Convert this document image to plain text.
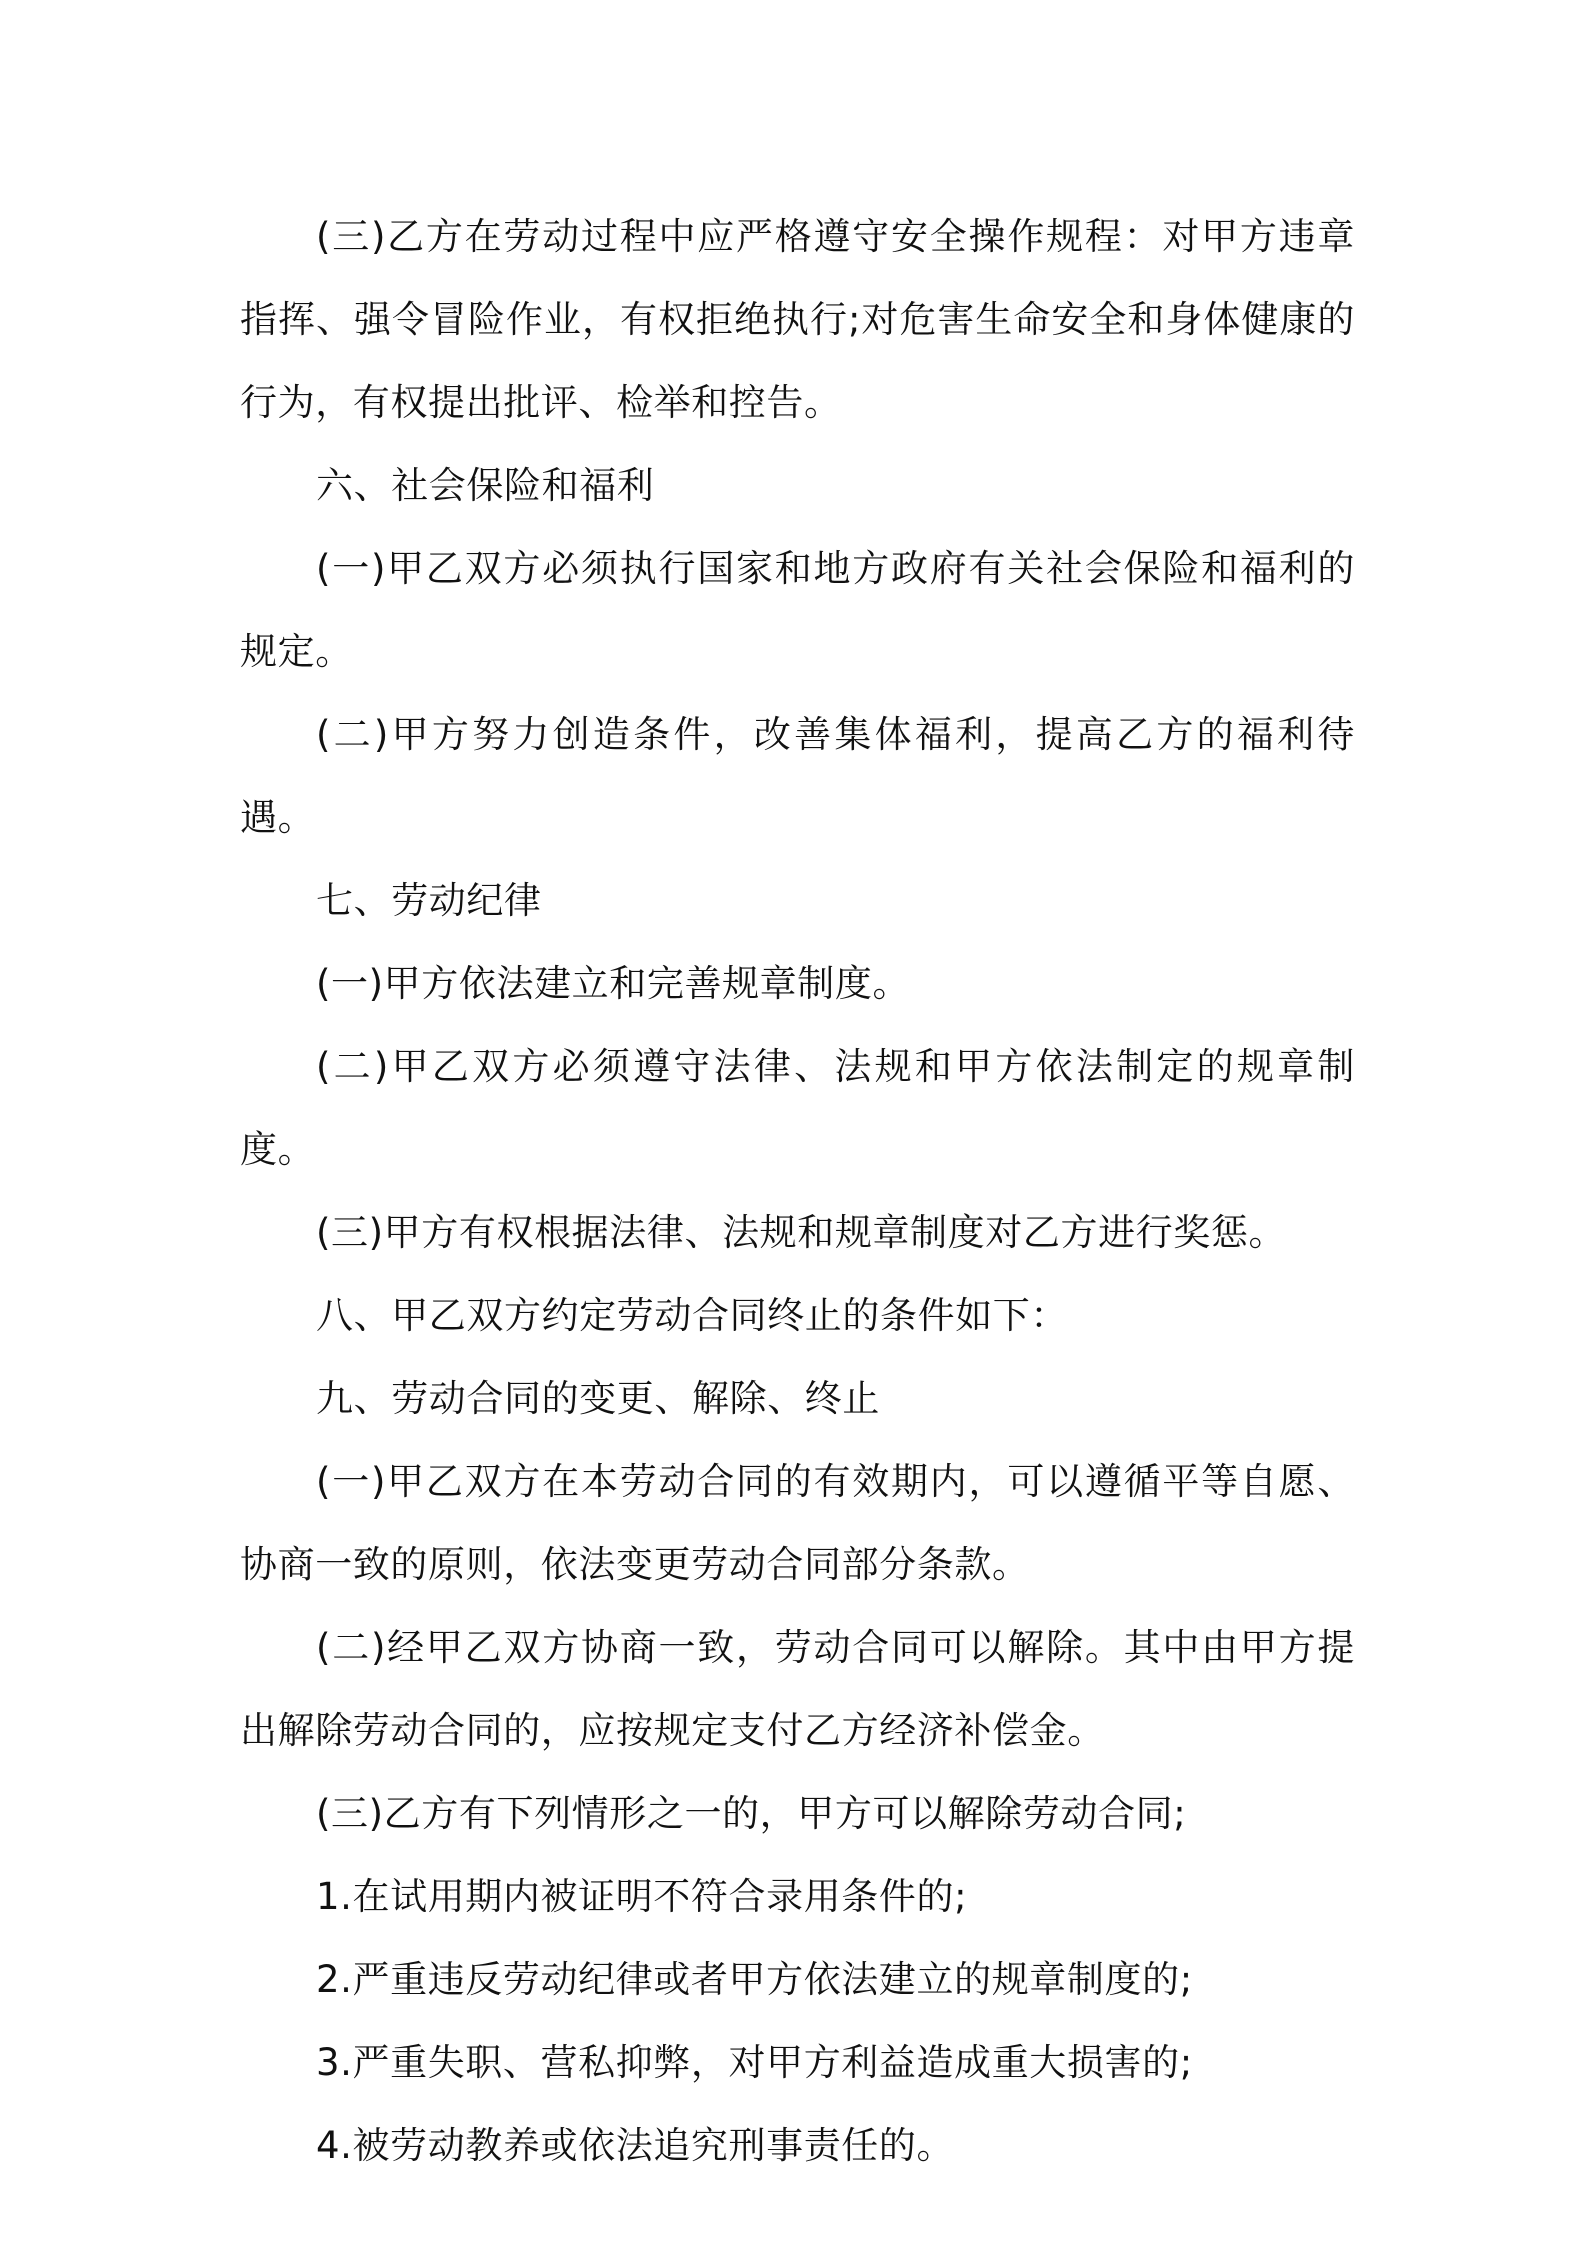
(三)乙方在劳动过程中应严格遵守安全操作规程：对甲方违章指挥、强令冒险作业，有权拒绝执行;对危害生命安全和身体健康的行为，有权提出批评、检举和控告。

六、社会保险和福利

(一)甲乙双方必须执行国家和地方政府有关社会保险和福利的规定。

(二)甲方努力创造条件，改善集体福利，提高乙方的福利待遇。

七、劳动纪律

(一)甲方依法建立和完善规章制度。

(二)甲乙双方必须遵守法律、法规和甲方依法制定的规章制度。

(三)甲方有权根据法律、法规和规章制度对乙方进行奖惩。

八、甲乙双方约定劳动合同终止的条件如下：

九、劳动合同的变更、解除、终止

(一)甲乙双方在本劳动合同的有效期内，可以遵循平等自愿、协商一致的原则，依法变更劳动合同部分条款。

(二)经甲乙双方协商一致，劳动合同可以解除。其中由甲方提出解除劳动合同的，应按规定支付乙方经济补偿金。

(三)乙方有下列情形之一的，甲方可以解除劳动合同;

1.在试用期内被证明不符合录用条件的;

2.严重违反劳动纪律或者甲方依法建立的规章制度的;

3.严重失职、营私抑弊，对甲方利益造成重大损害的;

4.被劳动教养或依法追究刑事责任的。
